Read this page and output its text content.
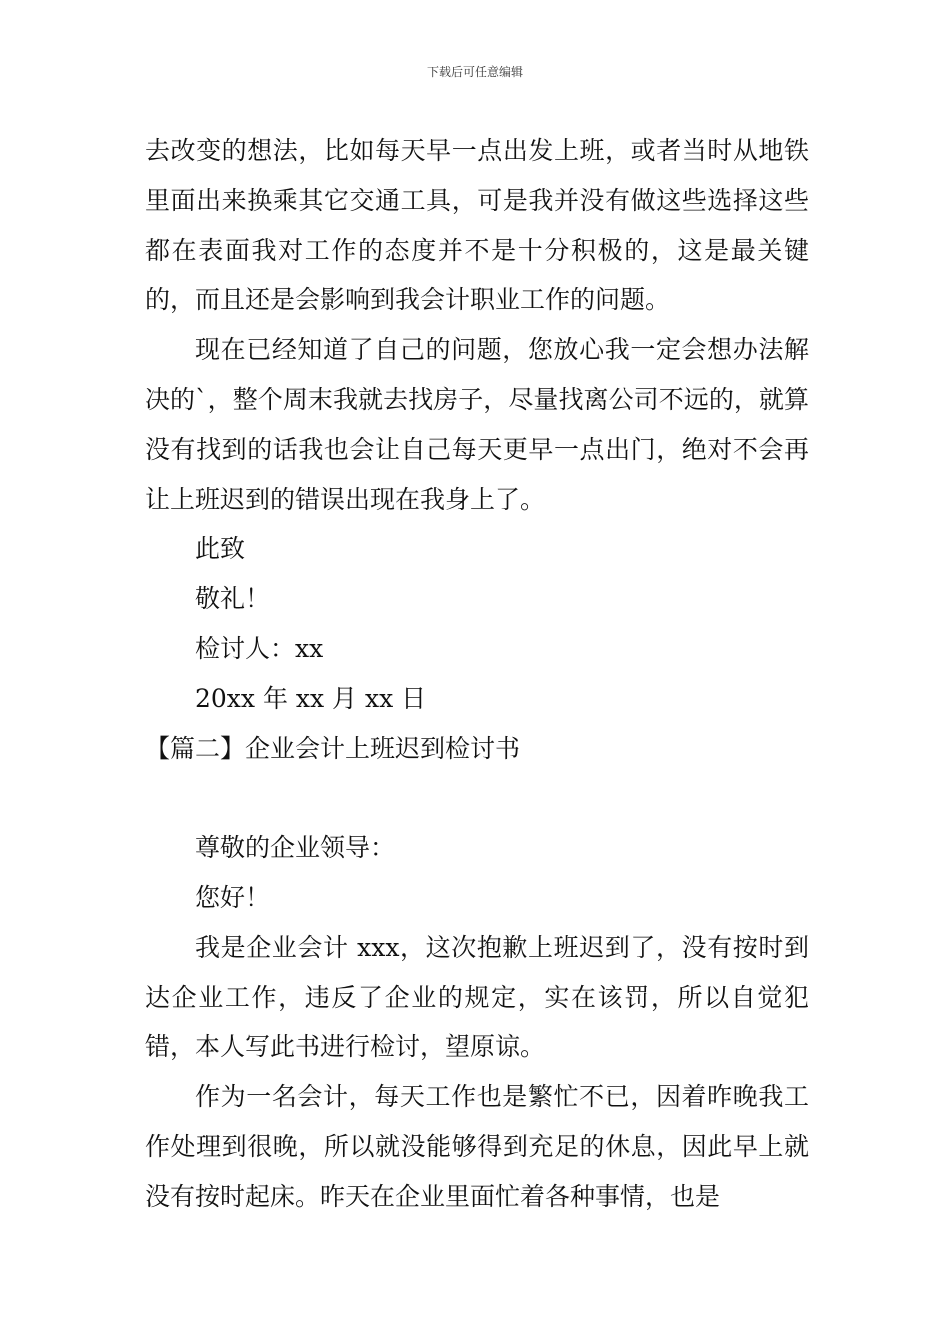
下载后可任意编辑

去改变的想法，比如每天早一点出发上班，或者当时从地铁里面出来换乘其它交通工具，可是我并没有做这些选择这些都在表面我对工作的态度并不是十分积极的，这是最关键的，而且还是会影响到我会计职业工作的问题。

现在已经知道了自己的问题，您放心我一定会想办法解决的`，整个周末我就去找房子，尽量找离公司不远的，就算没有找到的话我也会让自己每天更早一点出门，绝对不会再让上班迟到的错误出现在我身上了。

此致

敬礼！

检讨人：xx

20xx 年 xx 月 xx 日

【篇二】企业会计上班迟到检讨书

尊敬的企业领导：

您好！

我是企业会计 xxx，这次抱歉上班迟到了，没有按时到达企业工作，违反了企业的规定，实在该罚，所以自觉犯错，本人写此书进行检讨，望原谅。

作为一名会计，每天工作也是繁忙不已，因着昨晚我工作处理到很晚，所以就没能够得到充足的休息，因此早上就没有按时起床。昨天在企业里面忙着各种事情，也是
